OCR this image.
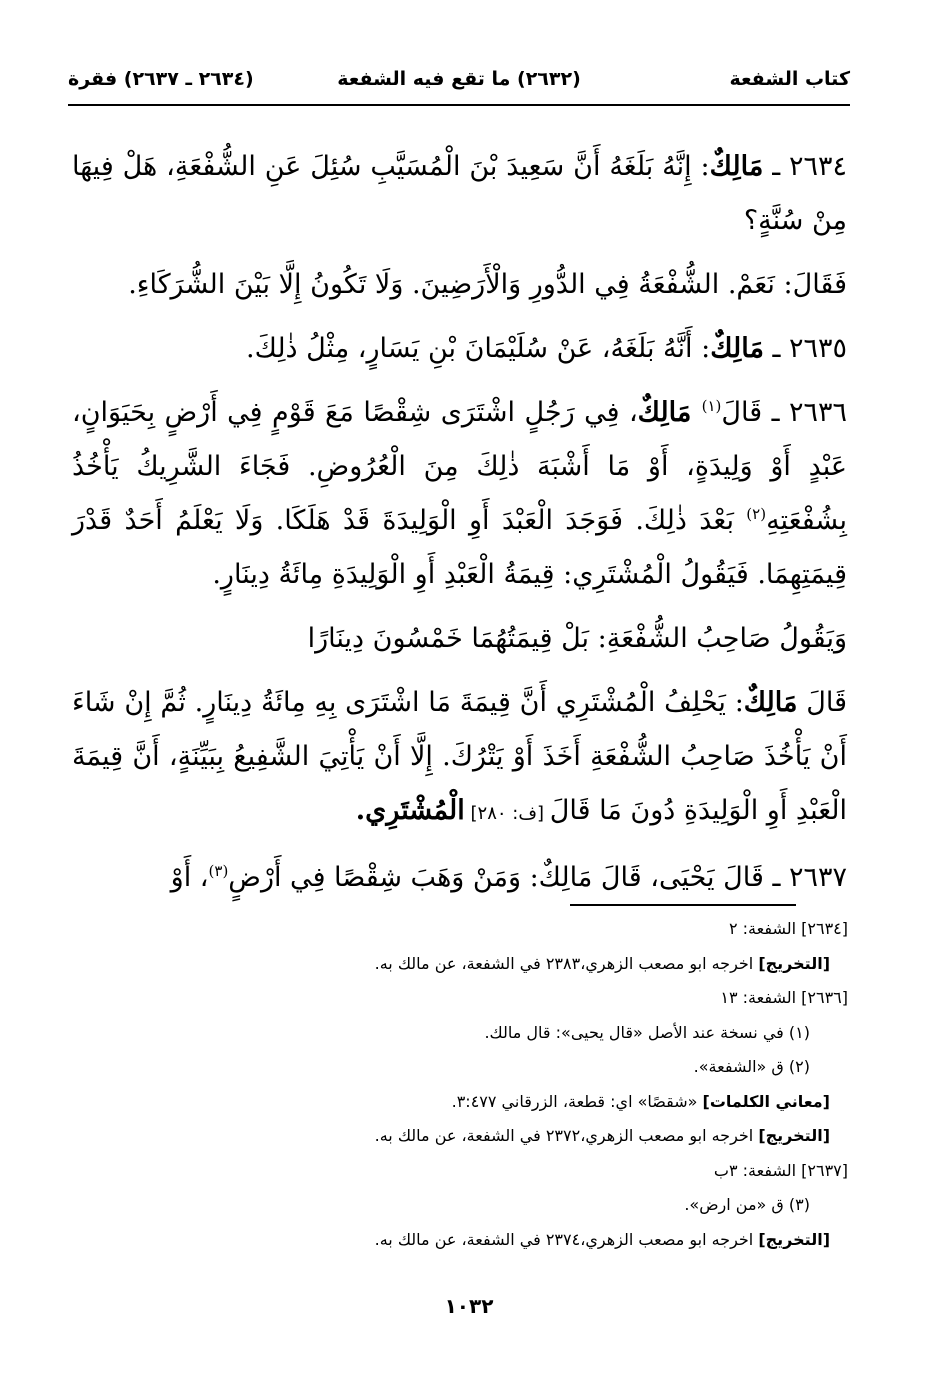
كتاب الشفعة
(٢٦٣٢) ما تقع فيه الشفعة
(٢٦٣٤ ـ ٢٦٣٧) فقرة

٢٦٣٤ ـ مَالِكٌ: إِنَّهُ بَلَغَهُ أَنَّ سَعِيدَ بْنَ الْمُسَيَّبِ سُئِلَ عَنِ الشُّفْعَةِ، هَلْ فِيهَا مِنْ سُنَّةٍ؟

فَقَالَ: نَعَمْ. الشُّفْعَةُ فِي الدُّورِ وَالْأَرَضِينَ. وَلَا تَكُونُ إِلَّا بَيْنَ الشُّرَكَاءِ.

٢٦٣٥ ـ مَالِكٌ: أَنَّهُ بَلَغَهُ، عَنْ سُلَيْمَانَ بْنِ يَسَارٍ، مِثْلُ ذٰلِكَ.

٢٦٣٦ ـ قَالَ$^{(١)}$ مَالِكٌ، فِي رَجُلٍ اشْتَرَى شِقْصًا مَعَ قَوْمٍ فِي أَرْضٍ بِحَيَوَانٍ، عَبْدٍ أَوْ وَلِيدَةٍ، أَوْ مَا أَشْبَهَ ذٰلِكَ مِنَ الْعُرُوضِ. فَجَاءَ الشَّرِيكُ يَأْخُذُ بِشُفْعَتِهِ$^{(٢)}$ بَعْدَ ذٰلِكَ. فَوَجَدَ الْعَبْدَ أَوِ الْوَلِيدَةَ قَدْ هَلَكَا. وَلَا يَعْلَمُ أَحَدٌ قَدْرَ قِيمَتِهِمَا. فَيَقُولُ الْمُشْتَرِي: قِيمَةُ الْعَبْدِ أَوِ الْوَلِيدَةِ مِائَةُ دِينَارٍ.

وَيَقُولُ صَاحِبُ الشُّفْعَةِ: بَلْ قِيمَتُهُمَا خَمْسُونَ دِينَارًا

قَالَ مَالِكٌ: يَحْلِفُ الْمُشْتَرِي أَنَّ قِيمَةَ مَا اشْتَرَى بِهِ مِائَةُ دِينَارٍ. ثُمَّ إِنْ شَاءَ أَنْ يَأْخُذَ صَاحِبُ الشُّفْعَةِ أَخَذَ أَوْ يَتْرُكَ. إِلَّا أَنْ يَأْتِيَ الشَّفِيعُ بِبَيِّنَةٍ، أَنَّ قِيمَةَ الْعَبْدِ أَوِ الْوَلِيدَةِ دُونَ مَا قَالَ [ف: ٢٨٠] الْمُشْتَرِي.

٢٦٣٧ ـ قَالَ يَحْيَى، قَالَ مَالِكٌ: وَمَنْ وَهَبَ شِقْصًا فِي أَرْضٍ$^{(٣)}$، أَوْ

[٢٦٣٤] الشفعة: ٢
[التخريج] اخرجه ابو مصعب الزهري،٢٣٨٣ في الشفعة، عن مالك به.
[٢٦٣٦] الشفعة: ١٣
(١) في نسخة عند الأصل «قال يحيى»: قال مالك.
(٢) ق «الشفعة».
[معاني الكلمات] «شقصًا» اي: قطعة، الزرقاني ٣:٤٧٧.
[التخريج] اخرجه ابو مصعب الزهري،٢٣٧٢ في الشفعة، عن مالك به.
[٢٦٣٧] الشفعة: ٣ب
(٣) ق «من ارض».
[التخريج] اخرجه ابو مصعب الزهري،٢٣٧٤ في الشفعة، عن مالك به.
١٠٣٢
